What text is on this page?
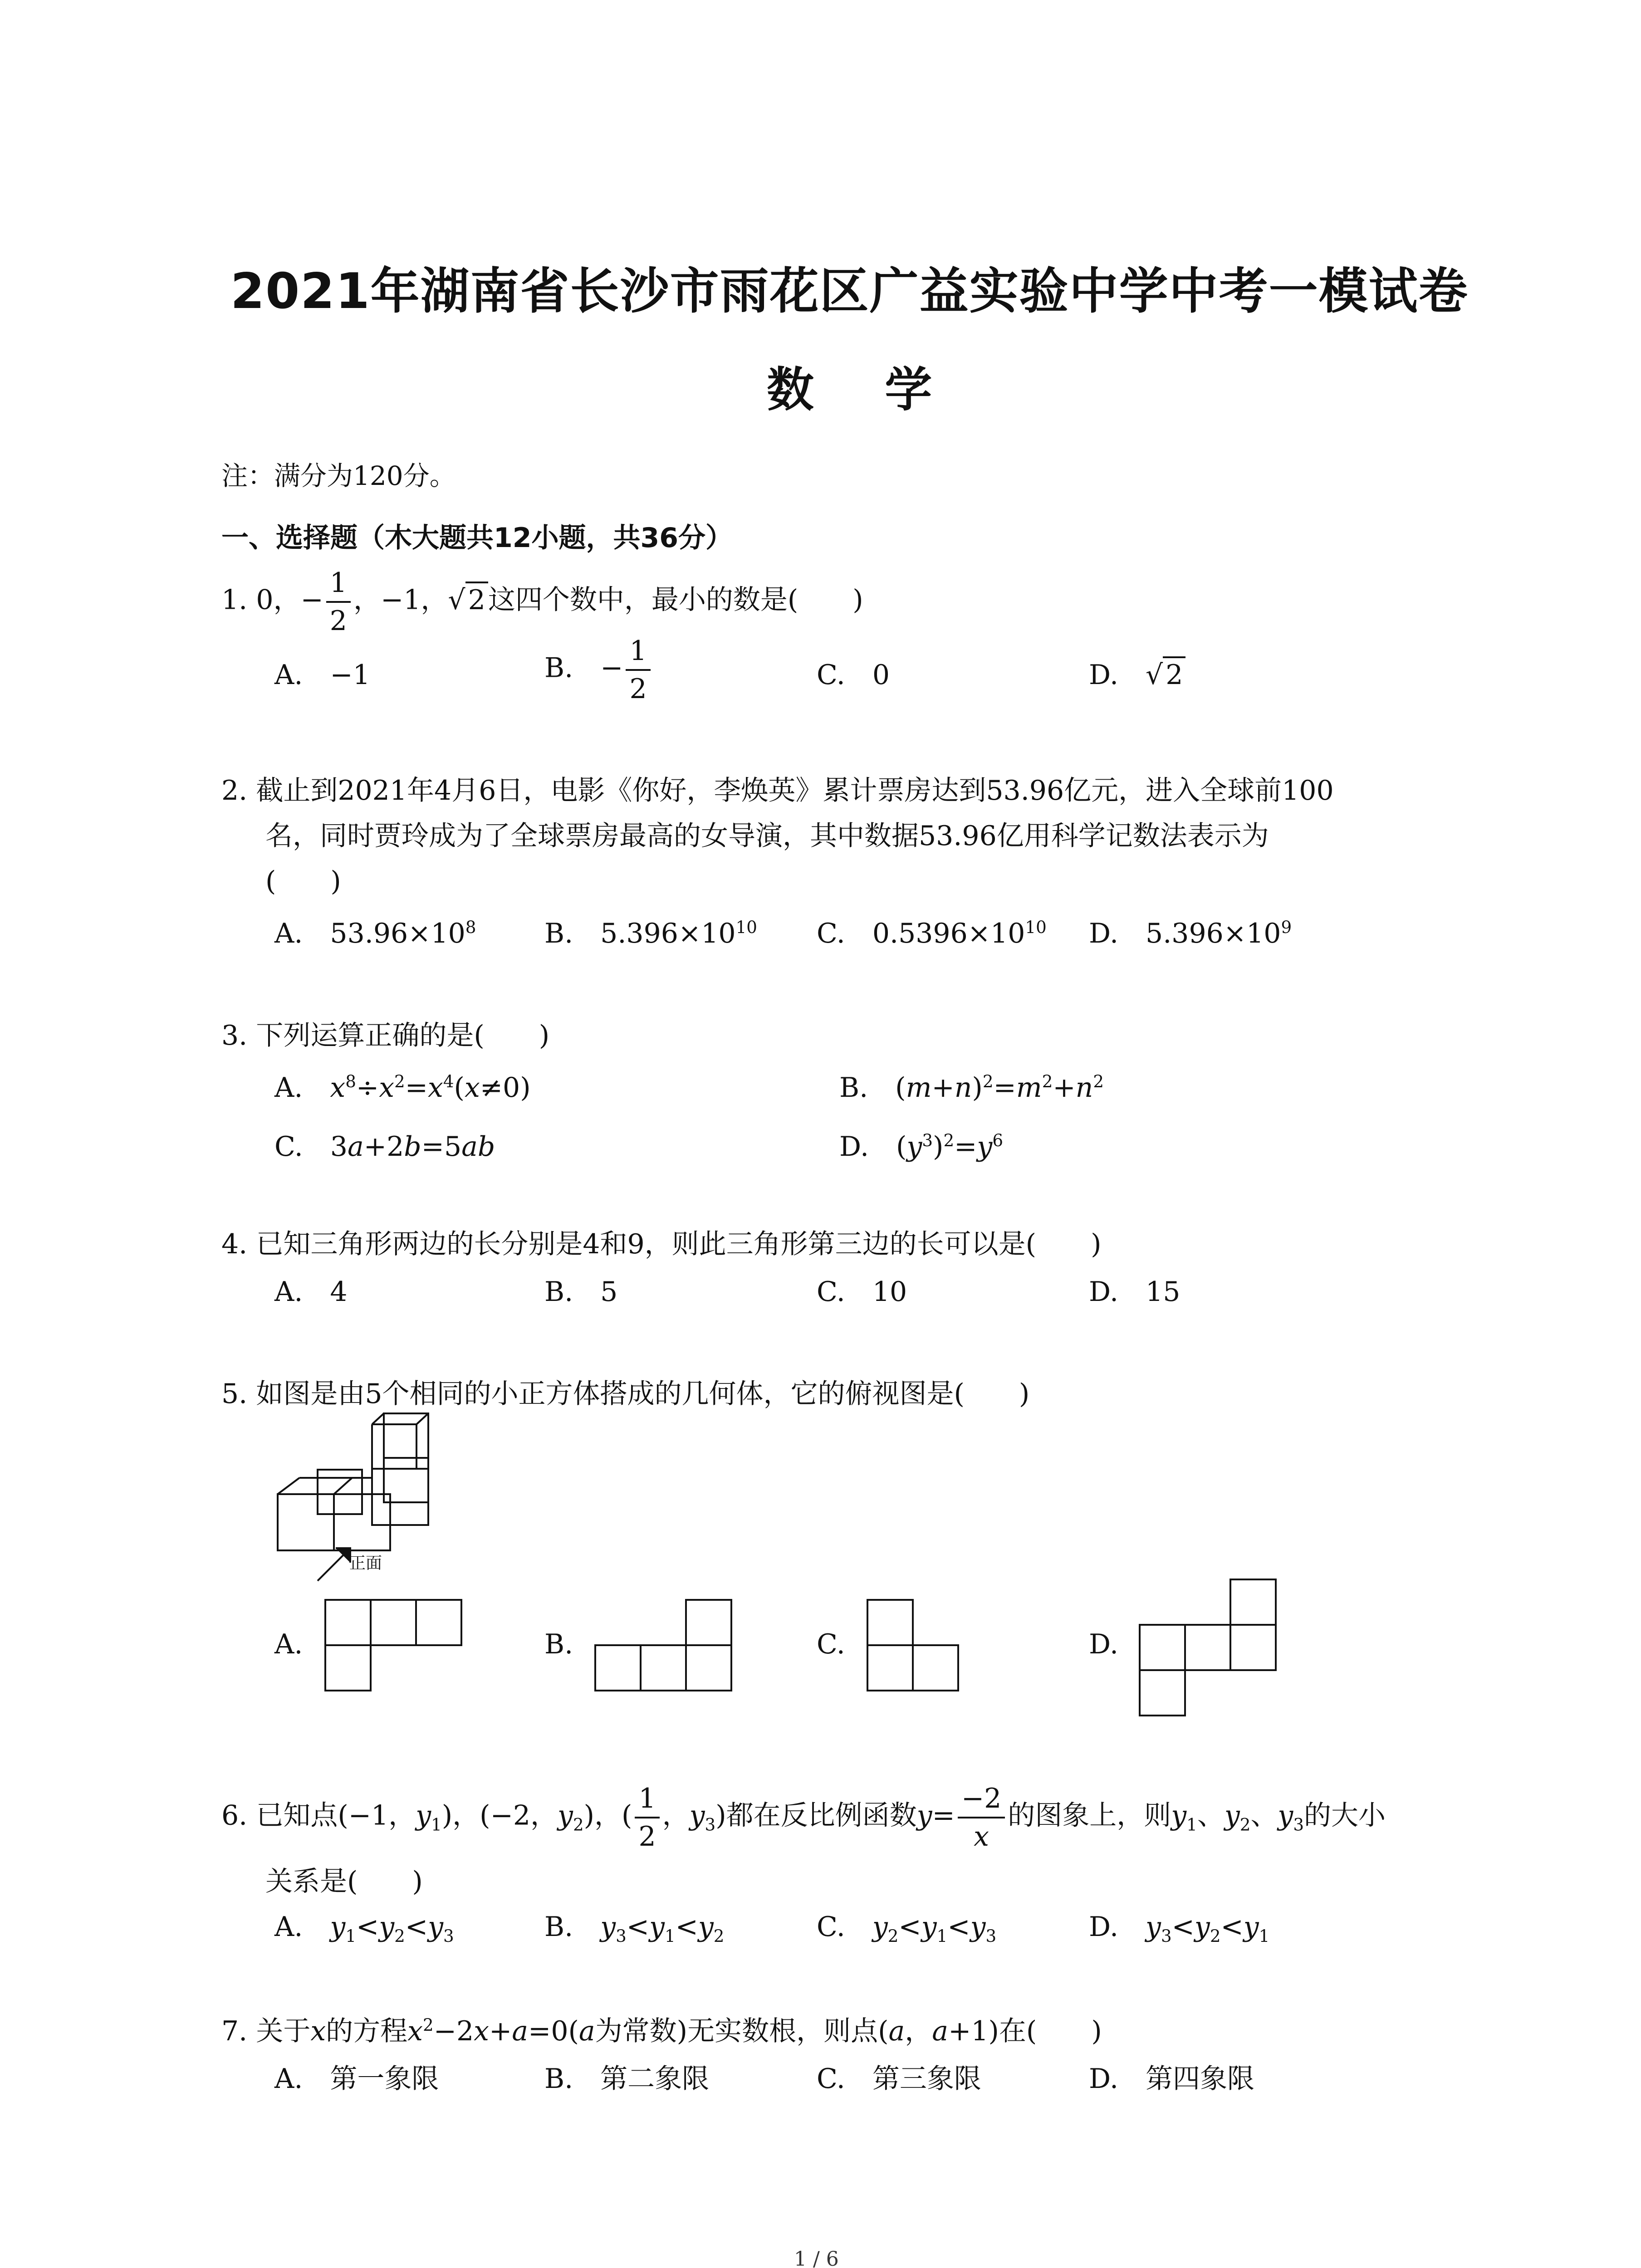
2021年湖南省长沙市雨花区广益实验中学中考一模试卷
数 学
注：满分为120分。
一、选择题（木大题共12小题，共36分）
1. 0，− $\frac{1}{2}$ ，−1，√ 2 这四个数中，最小的数是(　　)
A.　−1	B.　− $\frac{1}{2}$	C.　0	D.　√ 2
2. 截止到2021年4月6日，电影《你好，李焕英》累计票房达到53.96亿元，进入全球前100
名，同时贾玲成为了全球票房最高的女导演，其中数据53.96亿用科学记数法表示为
(　　)
A.　$53.96\times 10^8$	B.　$5.396\times 10^{10}$ C.　$0.5396\times 10^{10}$ D.　$5.396\times 10^9$
3. 下列运算正确的是(　　)
A.　$x^8\div x^2=x^4(x\ne 0)$	B.　$(m+n)^2=m^2+n^2$
C.　3a+2b=5ab	D.　$(y^3)^2=y^6$
4. 已知三角形两边的长分别是4和9，则此三角形第三边的长可以是(　　)
A.　4	B.　5	C.　10	D.　15
5. 如图是由5个相同的小正方体搭成的几何体，它的俯视图是(　　)
正面
A.	B.	C.	D.
6. 已知点(−1，$y_1$)，(−2，$y_2$)，( $\frac{1}{2}$ ，$y_3$)都在反比例函数$y= \frac{-2}{x}$ 的图象上，则$y_1$、$y_2$、$y_3$的大小
关系是(　　)
A.　$y_1<y_2<y_3$	B.　$y_3<y_1<y_2$	C.　$y_2<y_1<y_3$	D.　$y_3<y_2<y_1$
7. 关于x的方程$x^2-2x+a=0(a$为常数)无实数根，则点(a，a+1)在(　　)
A.　第一象限	B.　第二象限	C.　第三象限	D.　第四象限
1 / 6
